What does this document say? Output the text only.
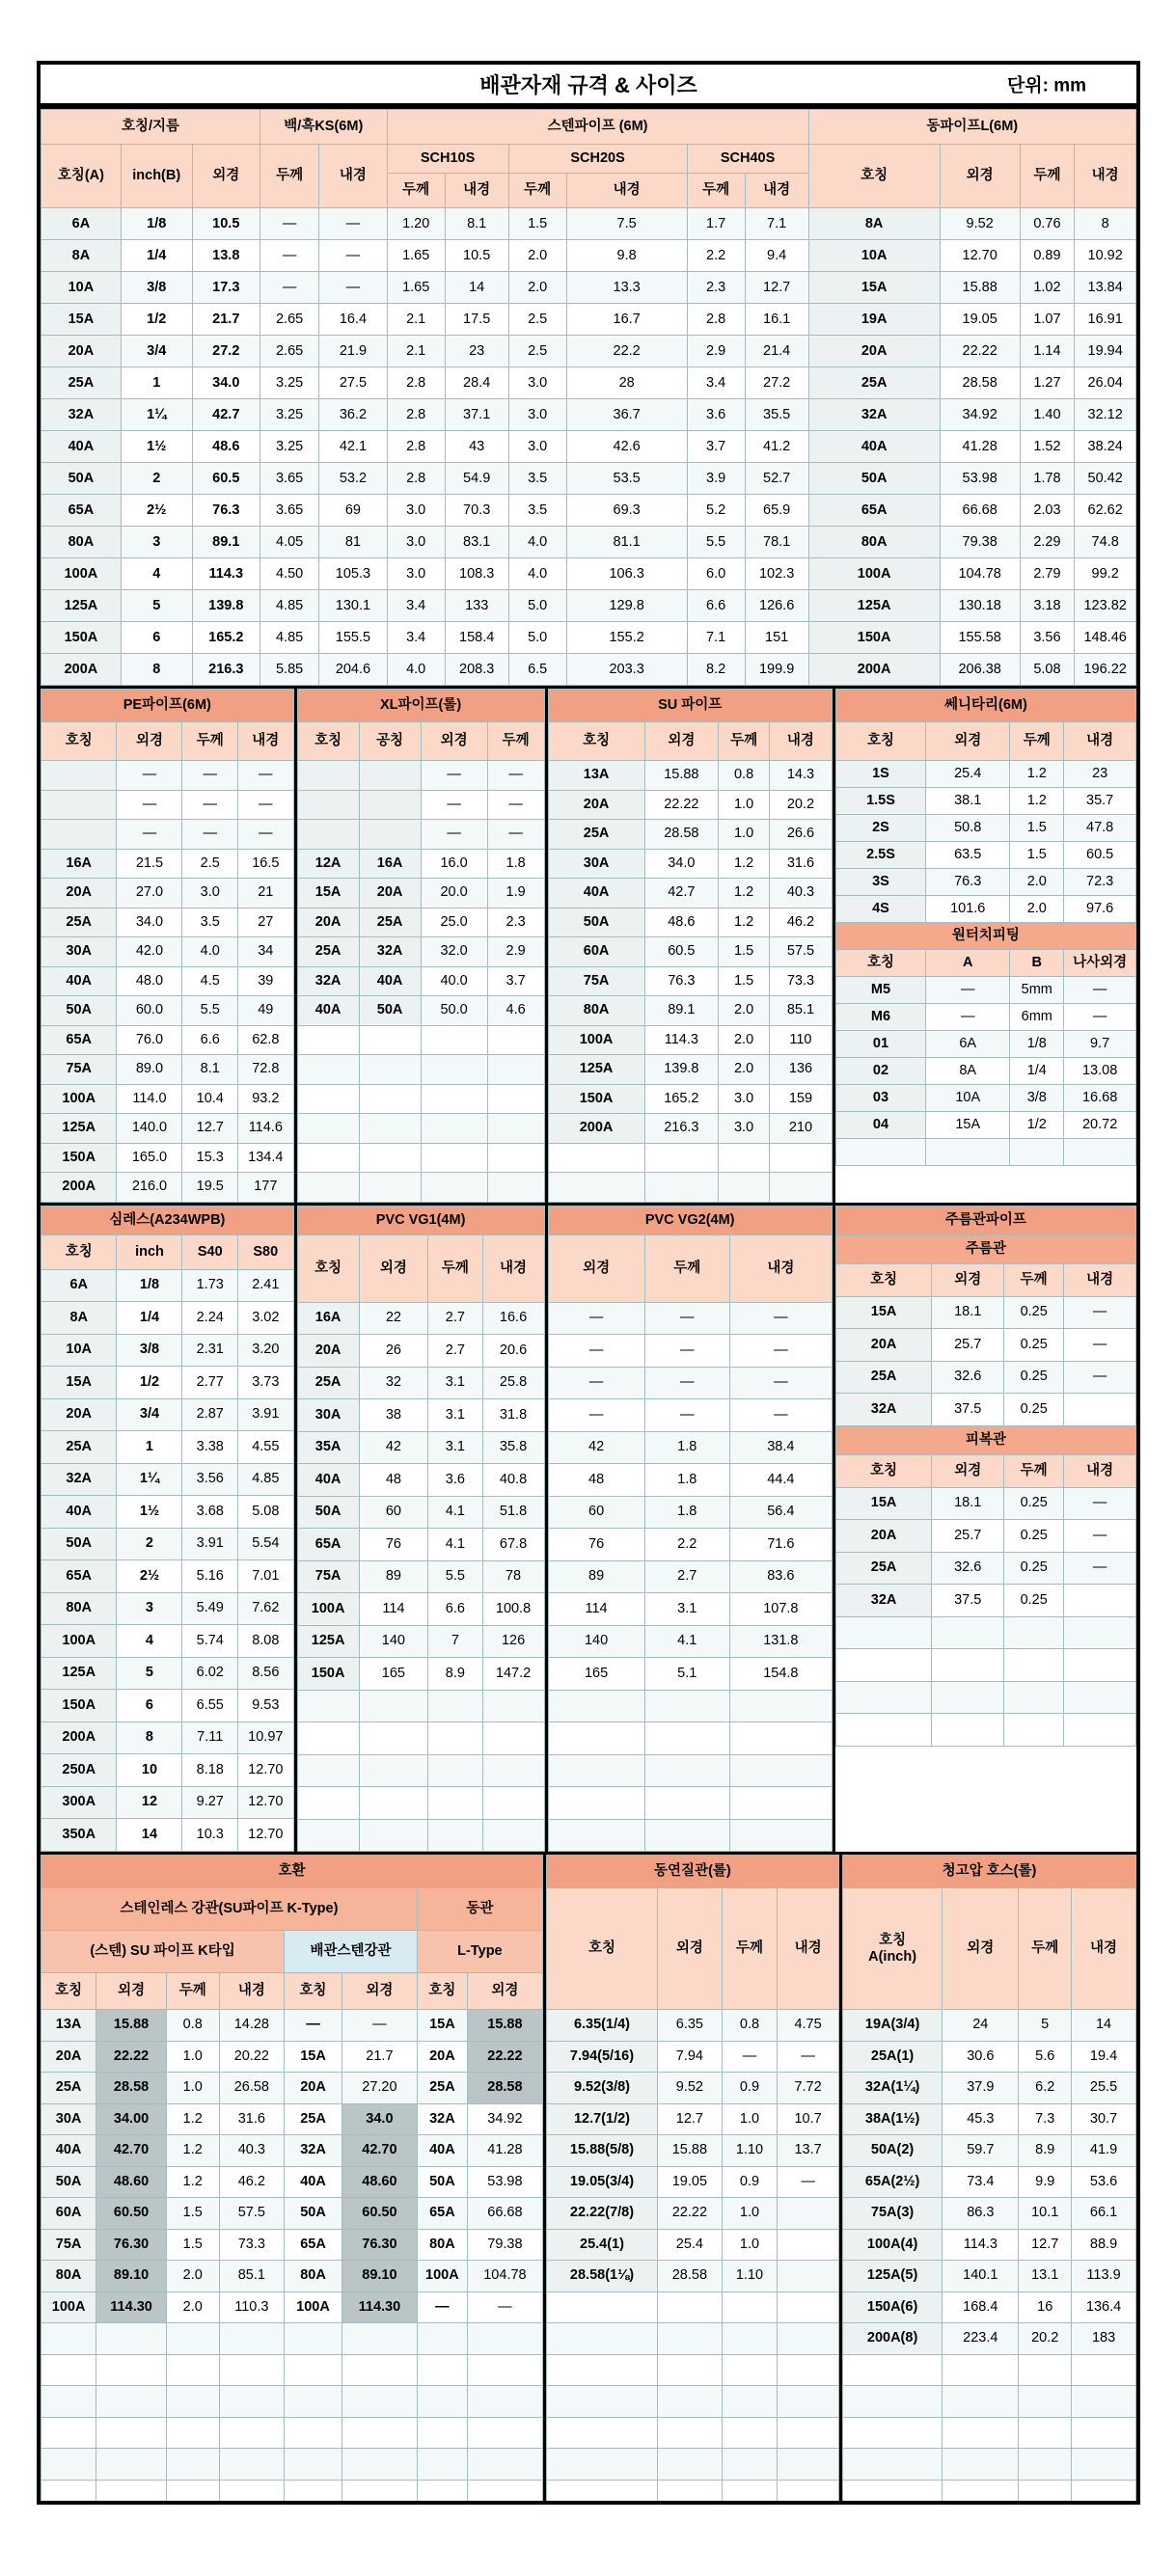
배관자재 규격 & 사이즈	단위: mm
호칭/지름			백/흑KS(6M)		스텐파이프 (6M)						동파이프L(6M)			
호칭(A)	inch(B)	외경	두께	내경	SCH10S		SCH20S		SCH40S		호칭	외경	두께	내경
					두께	내경	두께	내경	두께	내경				
6A	1/8	10.5	—	—	1.20	8.1	1.5	7.5	1.7	7.1	8A	9.52	0.76	8
8A	1/4	13.8	—	—	1.65	10.5	2.0	9.8	2.2	9.4	10A	12.70	0.89	10.92
10A	3/8	17.3	—	—	1.65	14	2.0	13.3	2.3	12.7	15A	15.88	1.02	13.84
15A	1/2	21.7	2.65	16.4	2.1	17.5	2.5	16.7	2.8	16.1	19A	19.05	1.07	16.91
20A	3/4	27.2	2.65	21.9	2.1	23	2.5	22.2	2.9	21.4	20A	22.22	1.14	19.94
25A	1	34.0	3.25	27.5	2.8	28.4	3.0	28	3.4	27.2	25A	28.58	1.27	26.04
32A	1¼	42.7	3.25	36.2	2.8	37.1	3.0	36.7	3.6	35.5	32A	34.92	1.40	32.12
40A	1½	48.6	3.25	42.1	2.8	43	3.0	42.6	3.7	41.2	40A	41.28	1.52	38.24
50A	2	60.5	3.65	53.2	2.8	54.9	3.5	53.5	3.9	52.7	50A	53.98	1.78	50.42
65A	2½	76.3	3.65	69	3.0	70.3	3.5	69.3	5.2	65.9	65A	66.68	2.03	62.62
80A	3	89.1	4.05	81	3.0	83.1	4.0	81.1	5.5	78.1	80A	79.38	2.29	74.8
100A	4	114.3	4.50	105.3	3.0	108.3	4.0	106.3	6.0	102.3	100A	104.78	2.79	99.2
125A	5	139.8	4.85	130.1	3.4	133	5.0	129.8	6.6	126.6	125A	130.18	3.18	123.82
150A	6	165.2	4.85	155.5	3.4	158.4	5.0	155.2	7.1	151	150A	155.58	3.56	148.46
200A	8	216.3	5.85	204.6	4.0	208.3	6.5	203.3	8.2	199.9	200A	206.38	5.08	196.22
PE파이프(6M)			
호칭	외경	두께	내경
	—	—	—
	—	—	—
	—	—	—
16A	21.5	2.5	16.5
20A	27.0	3.0	21
25A	34.0	3.5	27
30A	42.0	4.0	34
40A	48.0	4.5	39
50A	60.0	5.5	49
65A	76.0	6.6	62.8
75A	89.0	8.1	72.8
100A	114.0	10.4	93.2
125A	140.0	12.7	114.6
150A	165.0	15.3	134.4
200A	216.0	19.5	177
XL파이프(롤)			
호칭	공칭	외경	두께
		—	—
		—	—
		—	—
12A	16A	16.0	1.8
15A	20A	20.0	1.9
20A	25A	25.0	2.3
25A	32A	32.0	2.9
32A	40A	40.0	3.7
40A	50A	50.0	4.6

SU 파이프			
호칭	외경	두께	내경
13A	15.88	0.8	14.3
20A	22.22	1.0	20.2
25A	28.58	1.0	26.6
30A	34.0	1.2	31.6
40A	42.7	1.2	40.3
50A	48.6	1.2	46.2
60A	60.5	1.5	57.5
75A	76.3	1.5	73.3
80A	89.1	2.0	85.1
100A	114.3	2.0	110
125A	139.8	2.0	136
150A	165.2	3.0	159
200A	216.3	3.0	210

쎄니타리(6M)			
호칭	외경	두께	내경
1S	25.4	1.2	23
1.5S	38.1	1.2	35.7
2S	50.8	1.5	47.8
2.5S	63.5	1.5	60.5
3S	76.3	2.0	72.3
4S	101.6	2.0	97.6
원터치피팅			
호칭	A	B	나사외경
M5	—	5mm	—
M6	—	6mm	—
01	6A	1/8	9.7
02	8A	1/4	13.08
03	10A	3/8	16.68
04	15A	1/2	20.72

심레스(A234WPB)			
호칭	inch	S40	S80
6A	1/8	1.73	2.41
8A	1/4	2.24	3.02
10A	3/8	2.31	3.20
15A	1/2	2.77	3.73
20A	3/4	2.87	3.91
25A	1	3.38	4.55
32A	1¼	3.56	4.85
40A	1½	3.68	5.08
50A	2	3.91	5.54
65A	2½	5.16	7.01
80A	3	5.49	7.62
100A	4	5.74	8.08
125A	5	6.02	8.56
150A	6	6.55	9.53
200A	8	7.11	10.97
250A	10	8.18	12.70
300A	12	9.27	12.70
350A	14	10.3	12.70
PVC VG1(4M)			
호칭	외경	두께	내경
16A	22	2.7	16.6
20A	26	2.7	20.6
25A	32	3.1	25.8
30A	38	3.1	31.8
35A	42	3.1	35.8
40A	48	3.6	40.8
50A	60	4.1	51.8
65A	76	4.1	67.8
75A	89	5.5	78
100A	114	6.6	100.8
125A	140	7	126
150A	165	8.9	147.2

PVC VG2(4M)		
외경	두께	내경
—	—	—
—	—	—
—	—	—
—	—	—
42	1.8	38.4
48	1.8	44.4
60	1.8	56.4
76	2.2	71.6
89	2.7	83.6
114	3.1	107.8
140	4.1	131.8
165	5.1	154.8

주름관파이프			
주름관			
호칭	외경	두께	내경
15A	18.1	0.25	—
20A	25.7	0.25	—
25A	32.6	0.25	—
32A	37.5	0.25	
피복관			
호칭	외경	두께	내경
15A	18.1	0.25	—
20A	25.7	0.25	—
25A	32.6	0.25	—
32A	37.5	0.25	

호환							
스테인레스 강관(SU파이프 K-Type)						동관	
(스텐) SU 파이프 K타입				배관스텐강관		L-Type	
호칭	외경	두께	내경	호칭	외경	호칭	외경
13A	15.88	0.8	14.28	—	—	15A	15.88
20A	22.22	1.0	20.22	15A	21.7	20A	22.22
25A	28.58	1.0	26.58	20A	27.20	25A	28.58
30A	34.00	1.2	31.6	25A	34.0	32A	34.92
40A	42.70	1.2	40.3	32A	42.70	40A	41.28
50A	48.60	1.2	46.2	40A	48.60	50A	53.98
60A	60.50	1.5	57.5	50A	60.50	65A	66.68
75A	76.30	1.5	73.3	65A	76.30	80A	79.38
80A	89.10	2.0	85.1	80A	89.10	100A	104.78
100A	114.30	2.0	110.3	100A	114.30	—	—

동연질관(롤)			
호칭	외경	두께	내경
6.35(1/4)	6.35	0.8	4.75
7.94(5/16)	7.94	—	—
9.52(3/8)	9.52	0.9	7.72
12.7(1/2)	12.7	1.0	10.7
15.88(5/8)	15.88	1.10	13.7
19.05(3/4)	19.05	0.9	—
22.22(7/8)	22.22	1.0	
25.4(1)	25.4	1.0	
28.58(1⅛)	28.58	1.10	

청고압 호스(롤)			
호칭
A(inch)	외경	두께	내경
19A(3/4)	24	5	14
25A(1)	30.6	5.6	19.4
32A(1¼)	37.9	6.2	25.5
38A(1½)	45.3	7.3	30.7
50A(2)	59.7	8.9	41.9
65A(2½)	73.4	9.9	53.6
75A(3)	86.3	10.1	66.1
100A(4)	114.3	12.7	88.9
125A(5)	140.1	13.1	113.9
150A(6)	168.4	16	136.4
200A(8)	223.4	20.2	183
